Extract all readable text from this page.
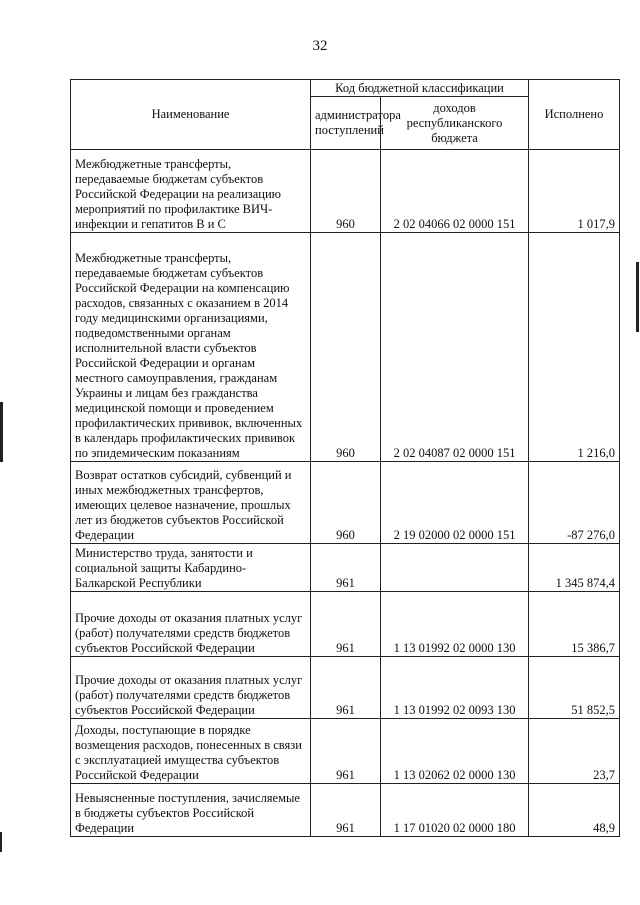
32
Наименование	Код бюджетной классификации		Исполнено
	администратора поступлений	доходов республиканского бюджета	
Межбюджетные трансферты, передаваемые бюджетам субъектов Российской Федерации на реализацию мероприятий по профилактике ВИЧ-инфекции и гепатитов B и C	960	2 02 04066 02 0000 151	1 017,9
Межбюджетные трансферты, передаваемые бюджетам субъектов Российской Федерации на компенсацию расходов, связанных с оказанием в 2014 году медицинскими организациями, подведомственными органам исполнительной власти субъектов Российской Федерации и органам местного самоуправления, гражданам Украины и лицам без гражданства медицинской помощи и проведением профилактических прививок, включенных в календарь профилактических прививок по эпидемическим показаниям	960	2 02 04087 02 0000 151	1 216,0
Возврат остатков субсидий, субвенций и иных межбюджетных трансфертов, имеющих целевое назначение, прошлых лет из бюджетов субъектов Российской Федерации	960	2 19 02000 02 0000 151	-87 276,0
Министерство труда, занятости и социальной защиты Кабардино-Балкарской Республики	961		1 345 874,4
Прочие доходы от оказания платных услуг (работ) получателями средств бюджетов субъектов Российской Федерации	961	1 13 01992 02 0000 130	15 386,7
Прочие доходы от оказания платных услуг (работ) получателями средств бюджетов субъектов Российской Федерации	961	1 13 01992 02 0093 130	51 852,5
Доходы, поступающие в порядке возмещения расходов, понесенных в связи с эксплуатацией имущества субъектов Российской Федерации	961	1 13 02062 02 0000 130	23,7
Невыясненные поступления, зачисляемые в бюджеты субъектов Российской Федерации	961	1 17 01020 02 0000 180	48,9
